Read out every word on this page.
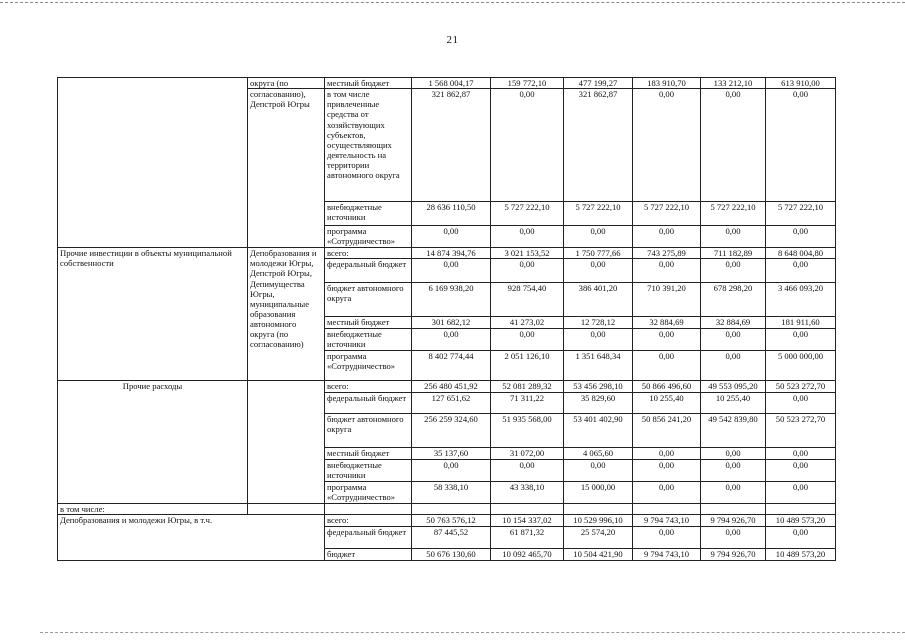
21
	округа (по	местный бюджет	1 568 004,17	159 772,10	477 199,27	183 910,70	133 212,10	613 910,00
	согласованию), Депстрой Югры	в том числе привлеченные средства от хозяйствующих субъектов, осуществляющих деятельность на территории автономного округа	321 862,87	0,00	321 862,87	0,00	0,00	0,00
		внебюджетные источники	28 636 110,50	5 727 222,10	5 727 222,10	5 727 222,10	5 727 222,10	5 727 222,10
		программа «Сотрудничество»	0,00	0,00	0,00	0,00	0,00	0,00
Прочие инвестиции в объекты муниципальной собственности	Депобразования и молодежи Югры, Депстрой Югры, Депимущества Югры, муниципальные образования автономного округа (по согласованию)	всего:	14 874 394,76	3 021 153,52	1 750 777,66	743 275,89	711 182,89	8 648 004,80
		федеральный бюджет	0,00	0,00	0,00	0,00	0,00	0,00
		бюджет автономного округа	6 169 938,20	928 754,40	386 401,20	710 391,20	678 298,20	3 466 093,20
		местный бюджет	301 682,12	41 273,02	12 728,12	32 884,69	32 884,69	181 911,60
		внебюджетные источники	0,00	0,00	0,00	0,00	0,00	0,00
		программа «Сотрудничество»	8 402 774,44	2 051 126,10	1 351 648,34	0,00	0,00	5 000 000,00
Прочие расходы		всего:	256 480 451,92	52 081 289,32	53 456 298,10	50 866 496,60	49 553 095,20	50 523 272,70
		федеральный бюджет	127 651,62	71 311,22	35 829,60	10 255,40	10 255,40	0,00
		бюджет автономного округа	256 259 324,60	51 935 568,00	53 401 402,90	50 856 241,20	49 542 839,80	50 523 272,70
		местный бюджет	35 137,60	31 072,00	4 065,60	0,00	0,00	0,00
		внебюджетные источники	0,00	0,00	0,00	0,00	0,00	0,00
		программа «Сотрудничество»	58 338,10	43 338,10	15 000,00	0,00	0,00	0,00
в том числе:								
Депобразования и молодежи Югры, в т.ч.		всего:	50 763 576,12	10 154 337,02	10 529 996,10	9 794 743,10	9 794 926,70	10 489 573,20
		федеральный бюджет	87 445,52	61 871,32	25 574,20	0,00	0,00	0,00
		бюджет	50 676 130,60	10 092 465,70	10 504 421,90	9 794 743,10	9 794 926,70	10 489 573,20
